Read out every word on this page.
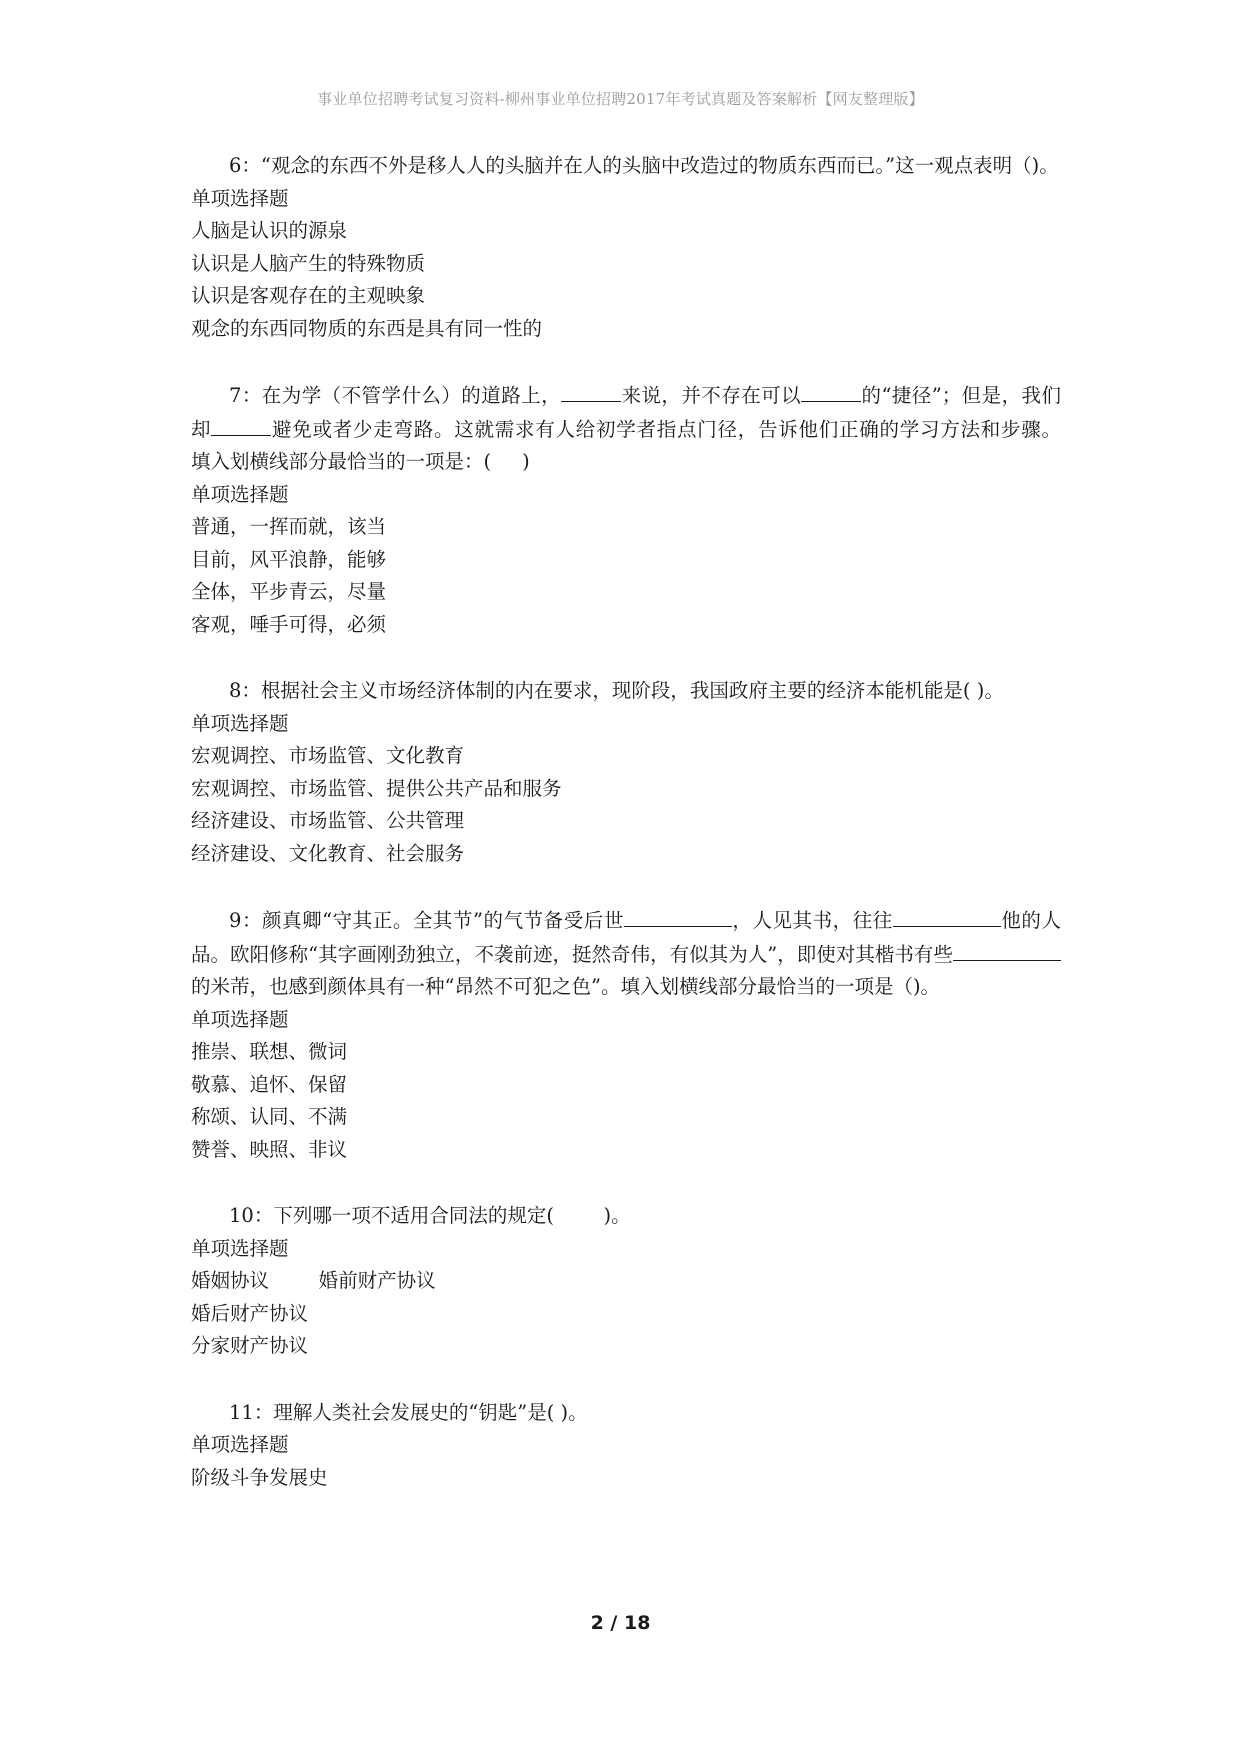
事业单位招聘考试复习资料-柳州事业单位招聘2017年考试真题及答案解析【网友整理版】

6：“观念的东西不外是移人人的头脑并在人的头脑中改造过的物质东西而已。”这一观点表明（)。

单项选择题

人脑是认识的源泉

认识是人脑产生的特殊物质

认识是客观存在的主观映象

观念的东西同物质的东西是具有同一性的

7：在为学（不管学什么）的道路上，	来说，并不存在可以	的“捷径”；但是，我们却	避免或者少走弯路。这就需求有人给初学者指点门径，告诉他们正确的学习方法和步骤。        填入划横线部分最恰当的一项是：(     )

单项选择题

普通，一挥而就，该当

目前，风平浪静，能够

全体，平步青云，尽量

客观，唾手可得，必须

8：根据社会主义市场经济体制的内在要求，现阶段，我国政府主要的经济本能机能是( )。

单项选择题

宏观调控、市场监管、文化教育

宏观调控、市场监管、提供公共产品和服务

经济建设、市场监管、公共管理

经济建设、文化教育、社会服务

9：颜真卿“守其正。全其节”的气节备受后世	，人见其书，往往	他的人品。欧阳修称“其字画刚劲独立，不袭前迹，挺然奇伟，有似其为人”，即使对其楷书有些的米芾，也感到颜体具有一种“昂然不可犯之色”。填入划横线部分最恰当的一项是（)。

单项选择题

推崇、联想、微词

敬慕、追怀、保留

称颂、认同、不满

赞誉、映照、非议

10：下列哪一项不适用合同法的规定(        )。

单项选择题

婚姻协议        婚前财产协议

婚后财产协议

分家财产协议

11：理解人类社会发展史的“钥匙”是( )。

单项选择题

阶级斗争发展史

2 / 18
